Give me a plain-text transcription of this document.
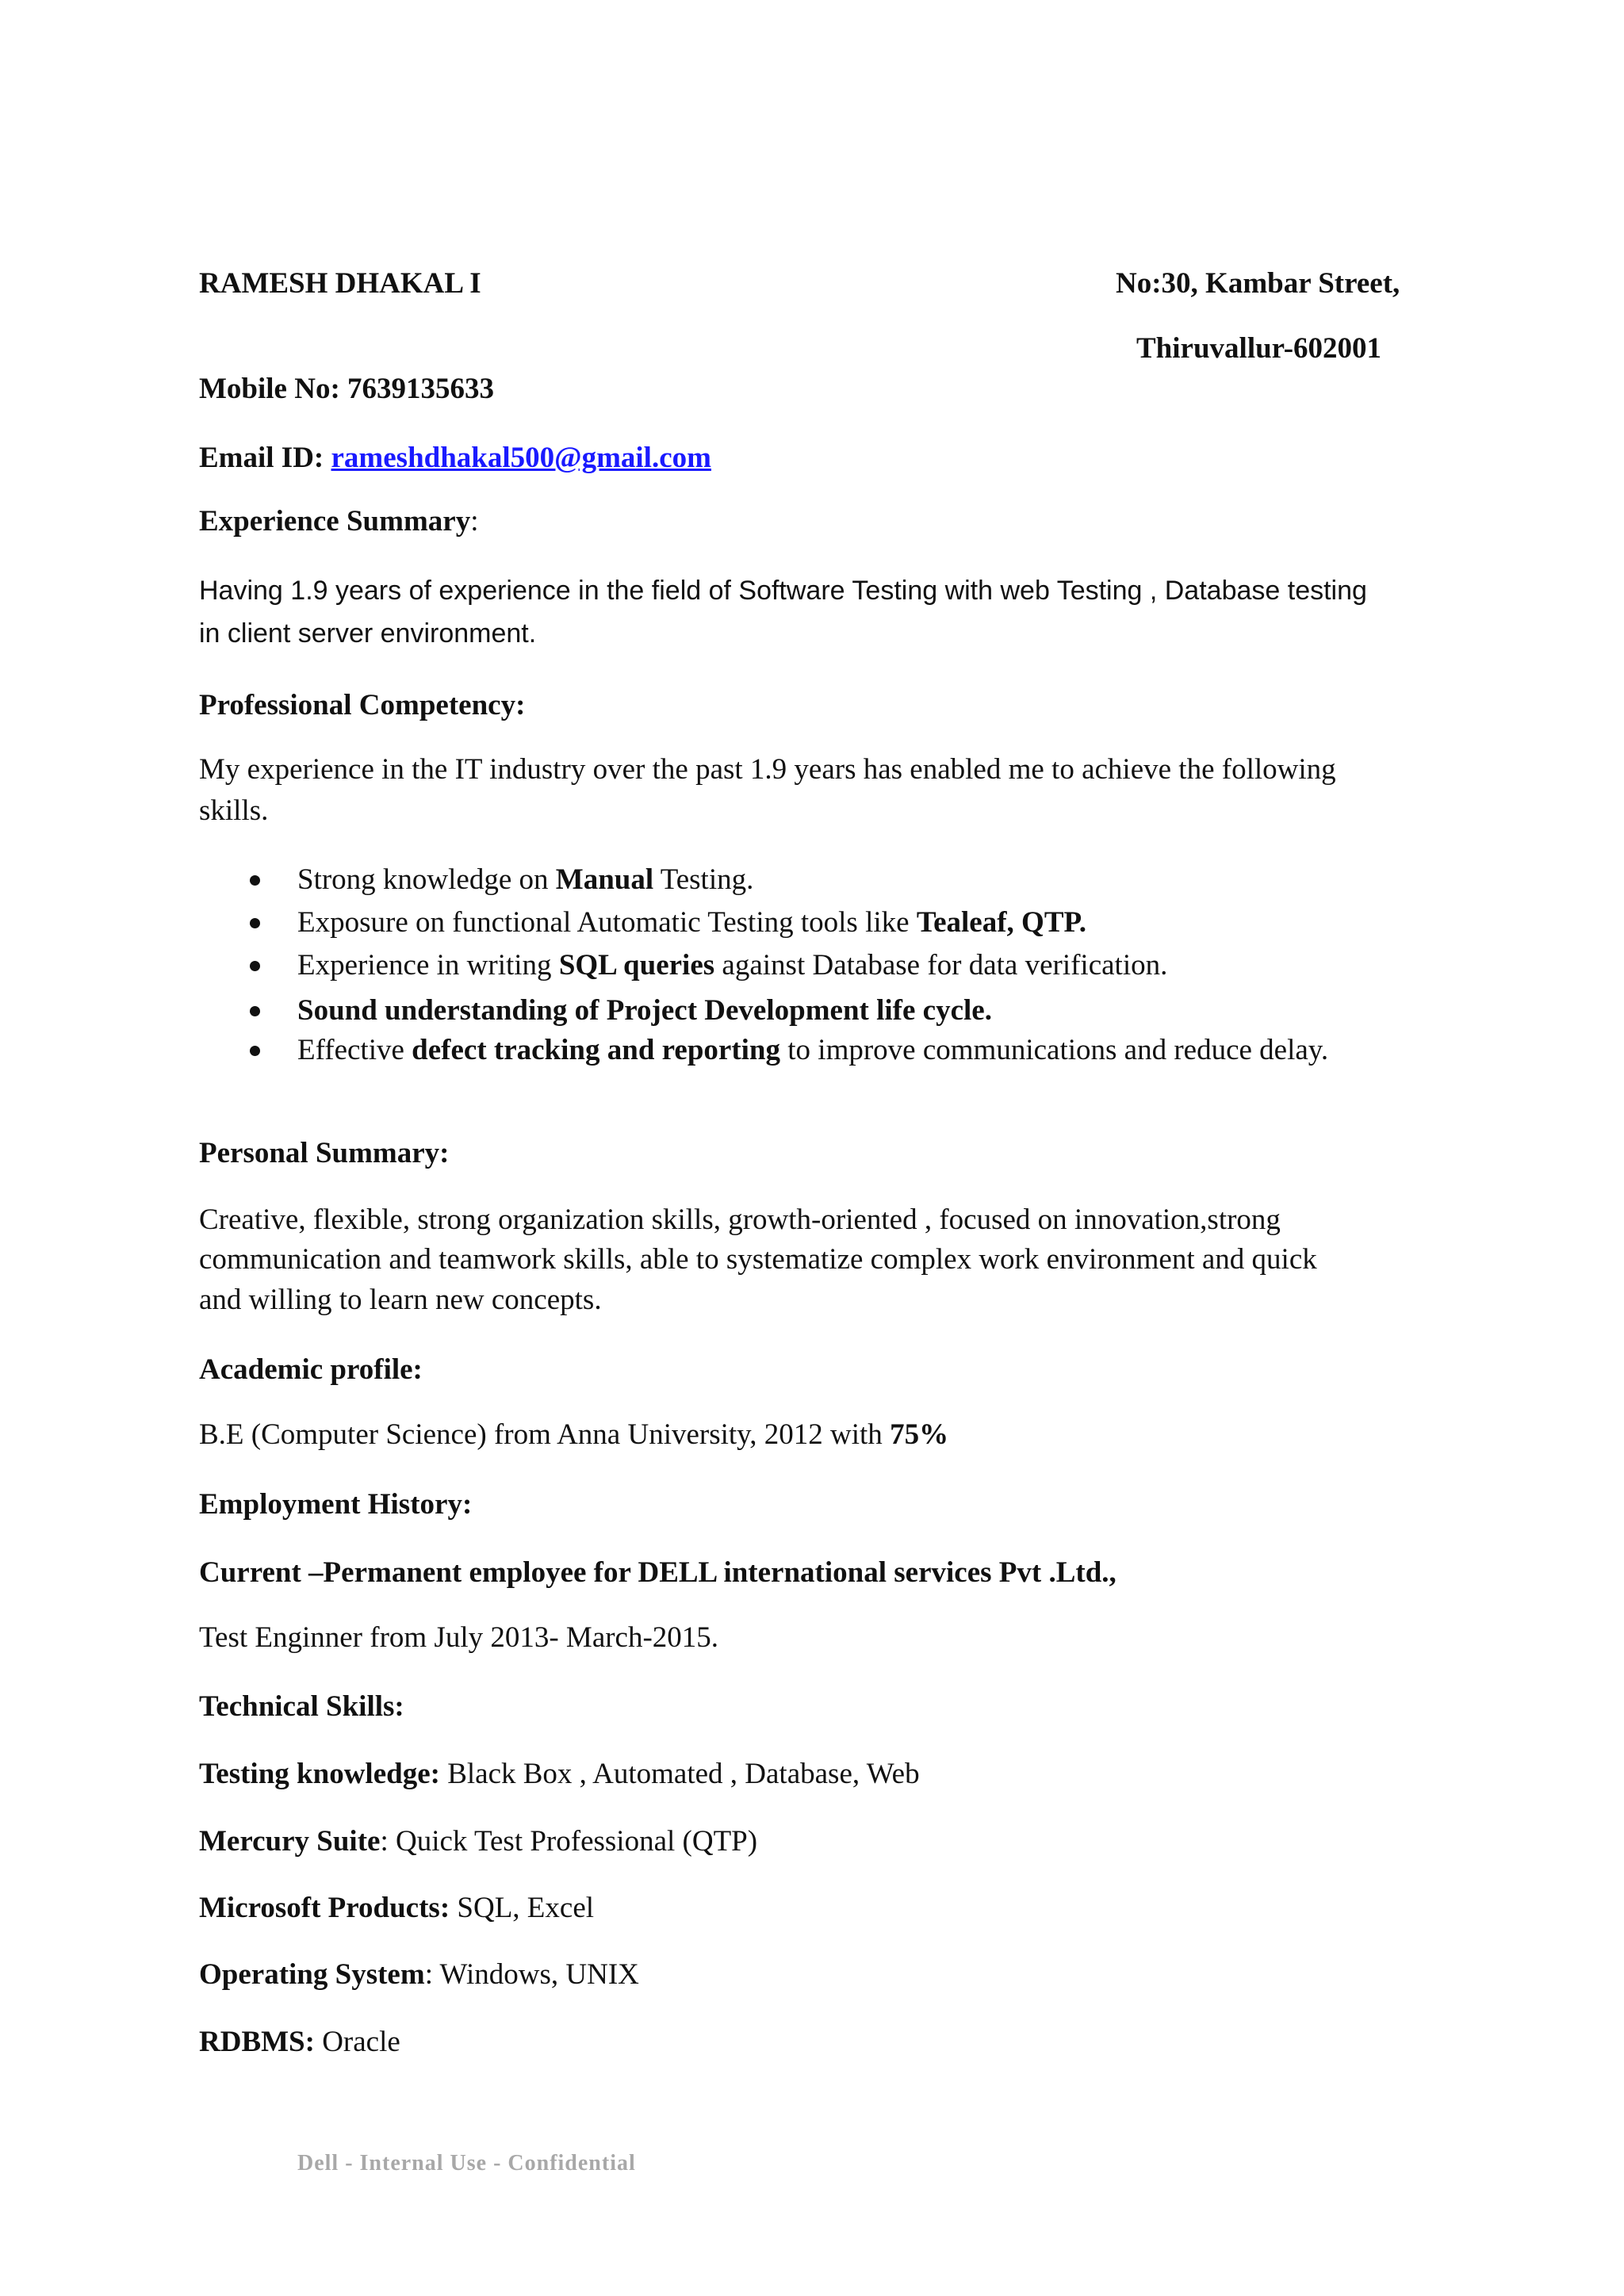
RAMESH DHAKAL I	No:30, Kambar Street,
Thiruvallur-602001
Mobile No: 7639135633
Email ID: rameshdhakal500@gmail.com
Experience Summary:
Having 1.9 years of experience in the field of Software Testing with web Testing , Database testing
in client server environment.
Professional Competency:
My experience in the IT industry over the past 1.9 years has enabled me to achieve the following
skills.
Strong knowledge on Manual Testing.
Exposure on functional Automatic Testing tools like Tealeaf, QTP.
Experience in writing SQL queries against Database for data verification.
Sound understanding of Project Development life cycle.
Effective defect tracking and reporting to improve communications and reduce delay.
Personal Summary:
Creative, flexible, strong organization skills, growth-oriented , focused on innovation,strong
communication and teamwork skills, able to systematize complex work environment and quick
and willing to learn new concepts.
Academic profile:
B.E (Computer Science) from Anna University, 2012 with 75%
Employment History:
Current –Permanent employee for DELL international services Pvt .Ltd.,
Test Enginner from July 2013- March-2015.
Technical Skills:
Testing knowledge: Black Box , Automated , Database, Web
Mercury Suite: Quick Test Professional (QTP)
Microsoft Products: SQL, Excel
Operating System: Windows, UNIX
RDBMS: Oracle
Dell - Internal Use - Confidential
